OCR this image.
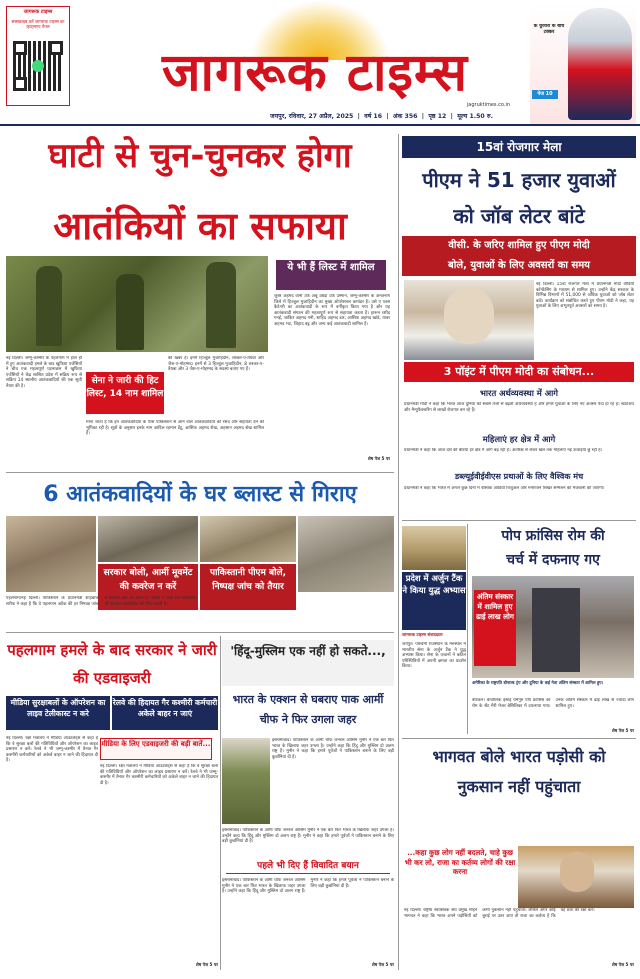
जागरूक टाइम्स
सब्सक्राइब करें जागरूक टाइम्स का व्हाट्सएप चैनल
जागरूक टाइम्स
jagruktimes.co.in
जयपुर, रविवार, 27 अप्रैल, 2025  |  वर्ष 16  |  अंक 356  |  पृष्ठ 12  |  मूल्य 1.50 रु.
के धुरंधरों के बीच टक्कर
पेज 10
घाटी से चुन-चुनकर होगा
आतंकियों का सफाया
ये भी हैं लिस्ट में शामिल
जुबैर अहमद वानी उर्फ अबू उबैदा उर्फ उस्मान, जम्मू-कश्मीर के अनंतनाग जिले में हिज्बुल मुजाहिदीन का मुख्य ऑपरेशनल कमांडर है। उसे ए प्लस कैटेगरी का आतंकवादी के रूप में वर्गीकृत किया गया है और यह आतंकवादी संगठन की महत्वपूर्ण रूप से सहायता करता है। हारून रशीद गनई, जाकिर अहमद गनी, शाहिद अहमद डार, आसिफ अहमद खांडे, यावर अहमद भट, जिहाद बट्ट और अन्य कई आतंकवादी शामिल हैं।
शेष पेज 5 पर
नई दिल्ली। जम्मू-कश्मीर के पहलगाम में हाल ही में हुए आतंकवादी हमले के बाद खुफिया एजेंसियों ने बीच एक महत्वपूर्ण घटनाक्रम में खुफिया एजेंसियों ने केंद्र शासित प्रदेश में सक्रिय रूप से सक्रिय 14 स्थानीय आतंकवादियों की एक सूची तैयार की है।
सेना ने जारी की हिट लिस्ट, 14 नाम शामिल
की खबर है। इनमें हिज्बुल मुजाहिदीन, लश्कर-ए-तैयबा और जैश-ए-मोहम्मद। इनमें से 3 हिज्बुल मुजाहिदीन, 8 लश्कर-ए-तैयबा और 3 जैश-ए-मोहम्मद के सदस्य बताए गए हैं।
माना जाता है कि इन आतंकवादियों के पास पाकिस्तान से आने वाले आतंकवादियों को रसद और सहायता देने की भूमिका रही है। सूत्रों के अनुसार इनके नाम आदिल रहमान डेंटू, आसिफ अहमद शेख, अहसान अहमद शेख शामिल हैं।
6 आतंकवादियों के घर ब्लास्ट से गिराए
सरकार बोली, आर्मी मूवमेंट की कवरेज न करें
पाकिस्तानी पीएम बोले, निष्पक्ष जांच को तैयार
पहलगाम/नई दिल्ली। पाकिस्तान के प्रधानमंत्री शाहबाज शरीफ ने कहा है कि वे पहलगाम अटैक की हर निष्पक्ष जांच में शामिल होने को तैयार हैं। शरीफ ने कहा कि पाकिस्तान की सरकार आतंकवाद की निंदा करती है।
पहलगाम हमले के बाद सरकार ने जारी की एडवाइजरी
मीडिया सुरक्षाबलों के ऑपरेशन का लाइव टेलीकास्ट न करे
रेलवे की हिदायत गैर कश्मीरी कर्मचारी अकेले बाहर न जाएं
मीडिया के लिए एडवाइजरी की बड़ी बातें...
नई दिल्ली। रक्षा मंत्रालय ने मीडिया आउटलेट्स से कहा है कि वे सुरक्षा बलों की गतिविधियों और ऑपरेशन का लाइव प्रसारण न करें। रेलवे ने भी जम्मू-कश्मीर में तैनात गैर कश्मीरी कर्मचारियों को अकेले बाहर न जाने की हिदायत दी है।
नई दिल्ली। रक्षा मंत्रालय ने मीडिया आउटलेट्स से कहा है कि वे सुरक्षा बलों की गतिविधियों और ऑपरेशन का लाइव प्रसारण न करें। रेलवे ने भी जम्मू-कश्मीर में तैनात गैर कश्मीरी कर्मचारियों को अकेले बाहर न जाने की हिदायत दी है।
शेष पेज 5 पर
'हिंदू-मुस्लिम एक नहीं हो सकते...,
भारत के एक्शन से घबराए पाक आर्मी चीफ ने फिर उगला जहर
इस्लामाबाद। पाकिस्तान के आर्मी चीफ जनरल आसिम मुनीर ने एक बार फिर भारत के खिलाफ जहर उगला है। उन्होंने कहा कि हिंदू और मुस्लिम दो अलग राष्ट्र हैं। मुनीर ने कहा कि हमारे पूर्वजों ने पाकिस्तान बनाने के लिए बड़ी कुर्बानियां दी हैं।
इस्लामाबाद। पाकिस्तान के आर्मी चीफ जनरल आसिम मुनीर ने एक बार फिर भारत के खिलाफ जहर उगला है। उन्होंने कहा कि हिंदू और मुस्लिम दो अलग राष्ट्र हैं। मुनीर ने कहा कि हमारे पूर्वजों ने पाकिस्तान बनाने के लिए बड़ी कुर्बानियां दी हैं।
पहले भी दिए हैं विवादित बयान
इस्लामाबाद। पाकिस्तान के आर्मी चीफ जनरल आसिम मुनीर ने एक बार फिर भारत के खिलाफ जहर उगला है। उन्होंने कहा कि हिंदू और मुस्लिम दो अलग राष्ट्र हैं। मुनीर ने कहा कि हमारे पूर्वजों ने पाकिस्तान बनाने के लिए बड़ी कुर्बानियां दी हैं।
शेष पेज 5 पर
15वां रोजगार मेला
पीएम ने 51 हजार युवाओं
को जॉब लेटर बांटे
वीसी. के जरिए शामिल हुए पीएम मोदी
बोले, युवाओं के लिए अवसरों का समय
नई दिल्ली। 15वां रोजगार मेला में प्रधानमंत्री मोदी वीडियो कॉन्फ्रेंसिंग के माध्यम से शामिल हुए। उन्होंने केंद्र सरकार के विभिन्न विभागों में 51,000 से अधिक युवाओं को जॉब लेटर बांटे। कार्यक्रम को संबोधित करते हुए पीएम मोदी ने कहा, यह युवाओं के लिए अभूतपूर्व अवसरों का समय है।
3 पॉइंट में पीएम मोदी का संबोधन...
भारत अर्थव्यवस्था में आगे
प्रधानमंत्री मोदी ने कहा कि भारत आज दुनिया की सबसे तेजी से बढ़ती अर्थव्यवस्था है और हमारे युवाओं के लिए नए अवसर पैदा हो रहे हैं। स्टार्टअप और मैन्युफैक्चरिंग से लाखों रोजगार बन रहे हैं।
महिलाएं हर क्षेत्र में आगे
प्रधानमंत्री ने कहा कि आज देश की बेटियां हर क्षेत्र में आगे बढ़ रही हैं। अंतरिक्ष से लेकर खेल तक महिलाएं नई ऊंचाइयां छू रही हैं।
डब्ल्यूईवीईवीएस प्रथाओं के लिए वैश्विक मंच
प्रधानमंत्री ने कहा कि भारत में अगले कुछ दिनों में वैश्विक ऑडियो विजुअल और मनोरंजन शिखर सम्मेलन की मेजबानी की जाएगी।
पोप फ्रांसिस रोम की
चर्च में दफनाए गए
प्रदेश में अर्जुन टैंक ने किया युद्ध अभ्यास
जागरूक टाइम्स संवाददाता
जयपुर। पश्चिमी राजस्थान के मरुस्थल में भारतीय सेना के अर्जुन टैंक ने युद्ध अभ्यास किया। सेना के जवानों ने कठिन परिस्थितियों में अपनी क्षमता का प्रदर्शन किया।
अंतिम संस्कार में शामिल हुए ढाई लाख लोग
अमेरिका के राष्ट्रपति डोनाल्ड ट्रंप और दुनिया के कई नेता अंतिम संस्कार में शामिल हुए।
वेटिकन। कैथोलिक ईसाई धर्मगुरु पोप फ्रांसिस को रोम के सेंट मैरी मेजर बेसिलिका में दफनाया गया। उनके अंतिम संस्कार में ढाई लाख से ज्यादा लोग शामिल हुए।
शेष पेज 5 पर
भागवत बोले भारत पड़ोसी को
नुकसान नहीं पहुंचाता
...कहा कुछ लोग नहीं बदलते, चाहे कुछ भी कर लो, राजा का कर्तव्य लोगों की रक्षा करना
नई दिल्ली। राष्ट्रीय स्वयंसेवक संघ प्रमुख मोहन भागवत ने कहा कि भारत अपने पड़ोसियों को कभी नुकसान नहीं पहुंचाता। लेकिन अगर कोई बुराई पर उतर आए तो राजा का कर्तव्य है कि वह प्रजा की रक्षा करे।
शेष पेज 5 पर
